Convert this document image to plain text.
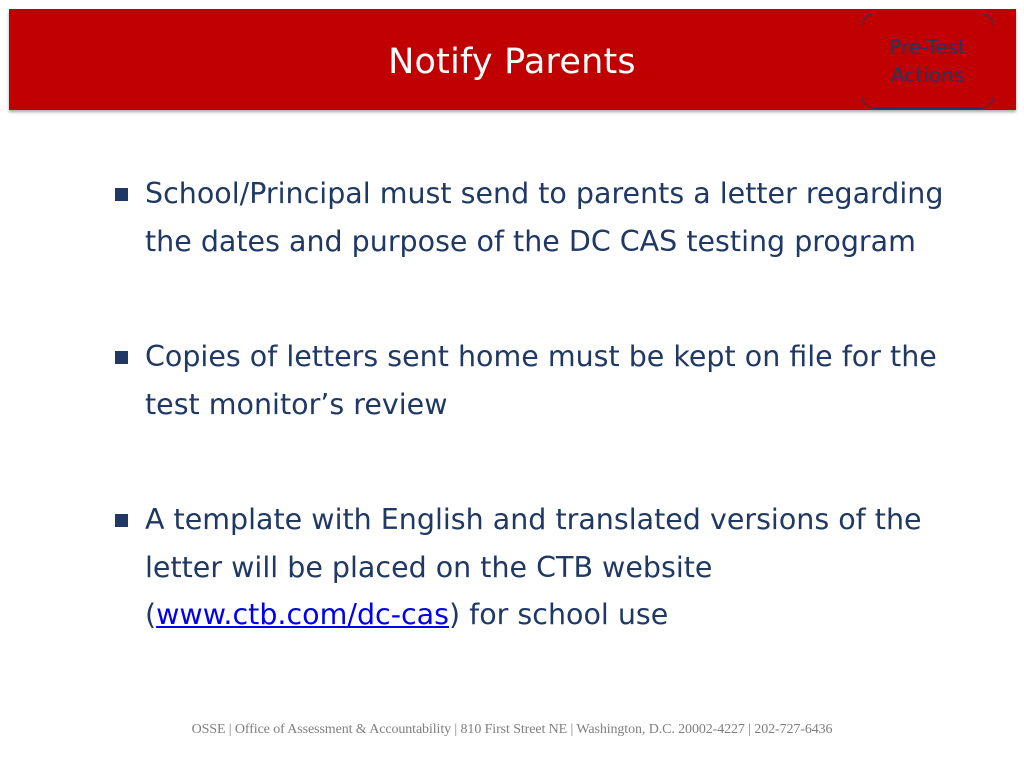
Notify Parents	Pre-Test
Actions
School/Principal must send to parents a letter regarding the dates and purpose of the DC CAS testing program
Copies of letters sent home must be kept on file for the test monitor’s review
A template with English and translated versions of the letter will be placed on the CTB website (www.ctb.com/dc-cas) for school use
OSSE | Office of Assessment & Accountability | 810 First Street NE | Washington, D.C. 20002-4227 | 202-727-6436
